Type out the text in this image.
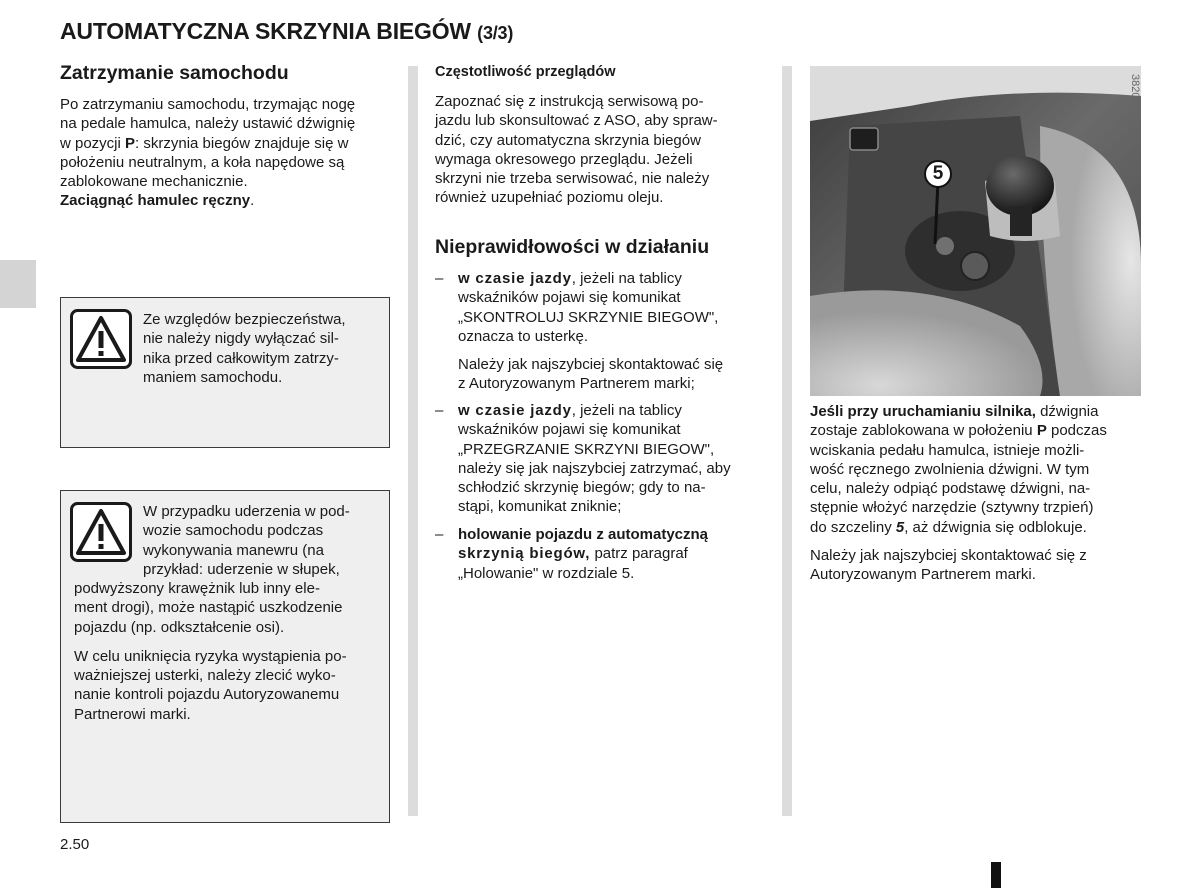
AUTOMATYCZNA SKRZYNIA BIEGÓW (3/3)
Zatrzymanie samochodu
Po zatrzymaniu samochodu, trzymając nogę
na pedale hamulca, należy ustawić dźwignię
w pozycji P: skrzynia biegów znajduje się w
położeniu neutralnym, a koła napędowe są
zablokowane mechanicznie.
Zaciągnąć hamulec ręczny.
Ze względów bezpieczeństwa,
nie należy nigdy wyłączać sil-
nika przed całkowitym zatrzy-
maniem samochodu.
W przypadku uderzenia w pod-
wozie samochodu podczas
wykonywania manewru (na
przykład: uderzenie w słupek,
podwyższony krawężnik lub inny ele-
ment drogi), może nastąpić uszkodzenie
pojazdu (np. odkształcenie osi).
W celu uniknięcia ryzyka wystąpienia po-
ważniejszej usterki, należy zlecić wyko-
nanie kontroli pojazdu Autoryzowanemu
Partnerowi marki.
Częstotliwość przeglądów
Zapoznać się z instrukcją serwisową po-
jazdu lub skonsultować z ASO, aby spraw-
dzić, czy automatyczna skrzynia biegów
wymaga okresowego przeglądu. Jeżeli
skrzyni nie trzeba serwisować, nie należy
również uzupełniać poziomu oleju.
Nieprawidłowości w działaniu
– w czasie jazdy, jeżeli na tablicy
wskaźników pojawi się komunikat
„SKONTROLUJ SKRZYNIE BIEGOW",
oznacza to usterkę.
Należy jak najszybciej skontaktować się
z Autoryzowanym Partnerem marki;
– w czasie jazdy, jeżeli na tablicy
wskaźników pojawi się komunikat
„PRZEGRZANIE SKRZYNI BIEGOW",
należy się jak najszybciej zatrzymać, aby
schłodzić skrzynię biegów; gdy to na-
stąpi, komunikat zniknie;
– holowanie pojazdu z automatyczną
skrzynią biegów, patrz paragraf
„Holowanie" w rozdziale 5.
38206
5
Jeśli przy uruchamianiu silnika, dźwignia
zostaje zablokowana w położeniu P podczas
wciskania pedału hamulca, istnieje możli-
wość ręcznego zwolnienia dźwigni. W tym
celu, należy odpiąć podstawę dźwigni, na-
stępnie włożyć narzędzie (sztywny trzpień)
do szczeliny 5, aż dźwignia się odblokuje.
Należy jak najszybciej skontaktować się z
Autoryzowanym Partnerem marki.
2.50
